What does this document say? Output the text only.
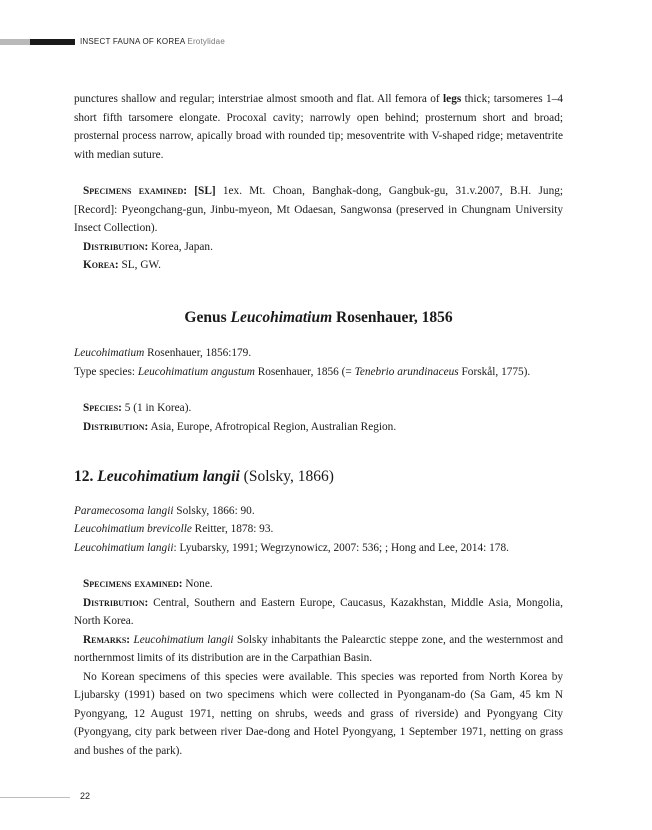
INSECT FAUNA OF KOREA Erotylidae

punctures shallow and regular; interstriae almost smooth and flat. All femora of legs thick; tarsomeres 1–4 short fifth tarsomere elongate. Procoxal cavity; narrowly open behind; prosternum short and broad; prosternal process narrow, apically broad with rounded tip; mesoventrite with V-shaped ridge; metaventrite with median suture.

Specimens examined: [SL] 1ex. Mt. Choan, Banghak-dong, Gangbuk-gu, 31.v.2007, B.H. Jung; [Record]: Pyeongchang-gun, Jinbu-myeon, Mt Odaesan, Sangwonsa (preserved in Chungnam University Insect Collection).

Distribution: Korea, Japan.

Korea: SL, GW.

Genus Leucohimatium Rosenhauer, 1856

Leucohimatium Rosenhauer, 1856:179.

Type species: Leucohimatium angustum Rosenhauer, 1856 (= Tenebrio arundinaceus Forskål, 1775).

Species: 5 (1 in Korea).

Distribution: Asia, Europe, Afrotropical Region, Australian Region.

12. Leucohimatium langii (Solsky, 1866)

Paramecosoma langii Solsky, 1866: 90.

Leucohimatium brevicolle Reitter, 1878: 93.

Leucohimatium langii: Lyubarsky, 1991; Wegrzynowicz, 2007: 536; ; Hong and Lee, 2014: 178.

Specimens examined: None.

Distribution: Central, Southern and Eastern Europe, Caucasus, Kazakhstan, Middle Asia, Mongolia, North Korea.

Remarks: Leucohimatium langii Solsky inhabitants the Palearctic steppe zone, and the westernmost and northernmost limits of its distribution are in the Carpathian Basin.

No Korean specimens of this species were available. This species was reported from North Korea by Ljubarsky (1991) based on two specimens which were collected in Pyonganam-do (Sa Gam, 45 km N Pyongyang, 12 August 1971, netting on shrubs, weeds and grass of riverside) and Pyongyang City (Pyongyang, city park between river Dae-dong and Hotel Pyongyang, 1 September 1971, netting on grass and bushes of the park).

22
